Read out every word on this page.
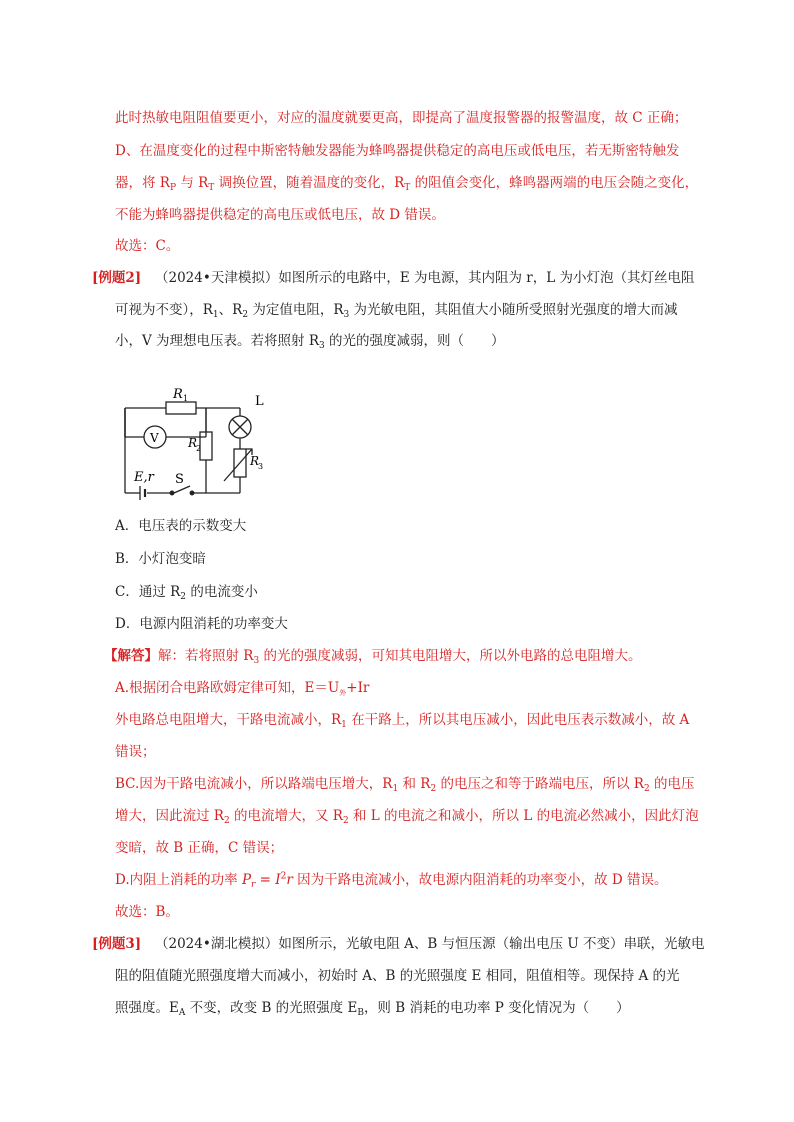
此时热敏电阻阻值要更小，对应的温度就要更高，即提高了温度报警器的报警温度，故 C 正确；
D、在温度变化的过程中斯密特触发器能为蜂鸣器提供稳定的高电压或低电压，若无斯密特触发
器，将 $R_P$ 与 $R_T$ 调换位置，随着温度的变化，$R_T$ 的阻值会变化，蜂鸣器两端的电压会随之变化，
不能为蜂鸣器提供稳定的高电压或低电压，故 D 错误。
故选：C。
[例题2] （2024•天津模拟）如图所示的电路中，E 为电源，其内阻为 r，L 为小灯泡（其灯丝电阻
可视为不变），$R_1$、$R_2$ 为定值电阻，$R_3$ 为光敏电阻，其阻值大小随所受照射光强度的增大而减
小，V 为理想电压表。若将照射 $R_3$ 的光的强度减弱，则（　　）
R 1
V
L
R
2
R
3
E,r S
A．电压表的示数变大
B．小灯泡变暗
C．通过 $R_2$ 的电流变小
D．电源内阻消耗的功率变大
【解答】解：若将照射 $R_3$ 的光的强度减弱，可知其电阻增大，所以外电路的总电阻增大。
A.根据闭合电路欧姆定律可知，$E=U_外+Ir$
外电路总电阻增大，干路电流减小，$R_1$ 在干路上，所以其电压减小，因此电压表示数减小，故 A
错误；
BC.因为干路电流减小，所以路端电压增大，$R_1$ 和 $R_2$ 的电压之和等于路端电压，所以 $R_2$ 的电压
增大，因此流过 $R_2$ 的电流增大，又 $R_2$ 和 L 的电流之和减小，所以 L 的电流必然减小，因此灯泡
变暗，故 B 正确，C 错误；
D.内阻上消耗的功率 $P_r = I^2r$ 因为干路电流减小，故电源内阻消耗的功率变小，故 D 错误。
故选：B。
[例题3] （2024•湖北模拟）如图所示，光敏电阻 A、B 与恒压源（输出电压 U 不变）串联，光敏电
阻的阻值随光照强度增大而减小，初始时 A、B 的光照强度 E 相同，阻值相等。现保持 A 的光
照强度。$E_A$ 不变，改变 B 的光照强度 $E_B$，则 B 消耗的电功率 P 变化情况为（　　）
